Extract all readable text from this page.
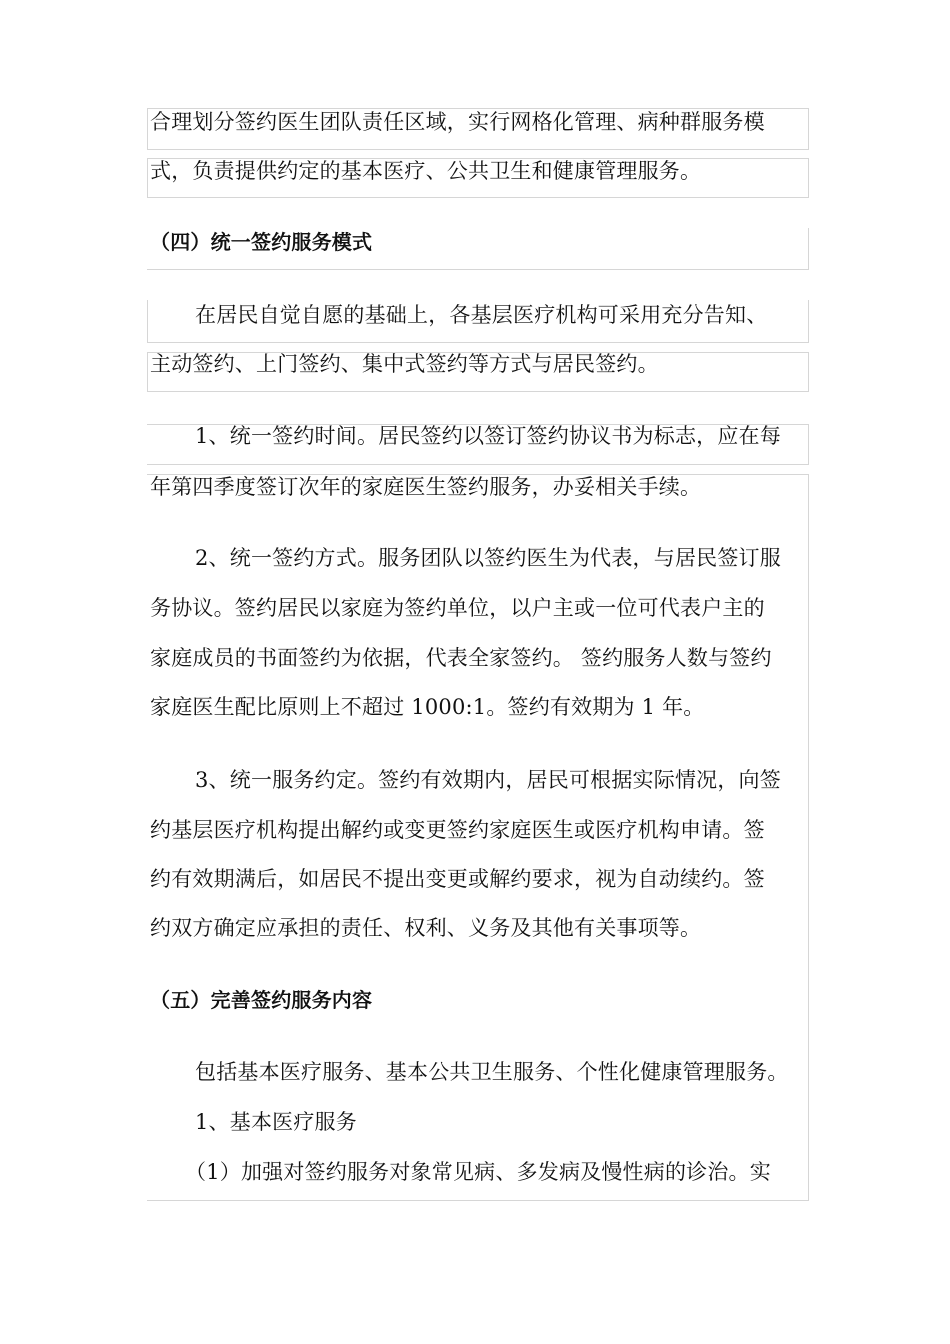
合理划分签约医生团队责任区域，实行网格化管理、病种群服务模
式，负责提供约定的基本医疗、公共卫生和健康管理服务。
（四）统一签约服务模式
在居民自觉自愿的基础上，各基层医疗机构可采用充分告知、
主动签约、上门签约、集中式签约等方式与居民签约。
1、统一签约时间。居民签约以签订签约协议书为标志，应在每
年第四季度签订次年的家庭医生签约服务，办妥相关手续。
2、统一签约方式。服务团队以签约医生为代表，与居民签订服
务协议。签约居民以家庭为签约单位，以户主或一位可代表户主的
家庭成员的书面签约为依据，代表全家签约。 签约服务人数与签约
家庭医生配比原则上不超过 1000:1。签约有效期为 1 年。
3、统一服务约定。签约有效期内，居民可根据实际情况，向签
约基层医疗机构提出解约或变更签约家庭医生或医疗机构申请。签
约有效期满后，如居民不提出变更或解约要求，视为自动续约。签
约双方确定应承担的责任、权利、义务及其他有关事项等。
（五）完善签约服务内容
包括基本医疗服务、基本公共卫生服务、个性化健康管理服务。
1、基本医疗服务
（1）加强对签约服务对象常见病、多发病及慢性病的诊治。实
